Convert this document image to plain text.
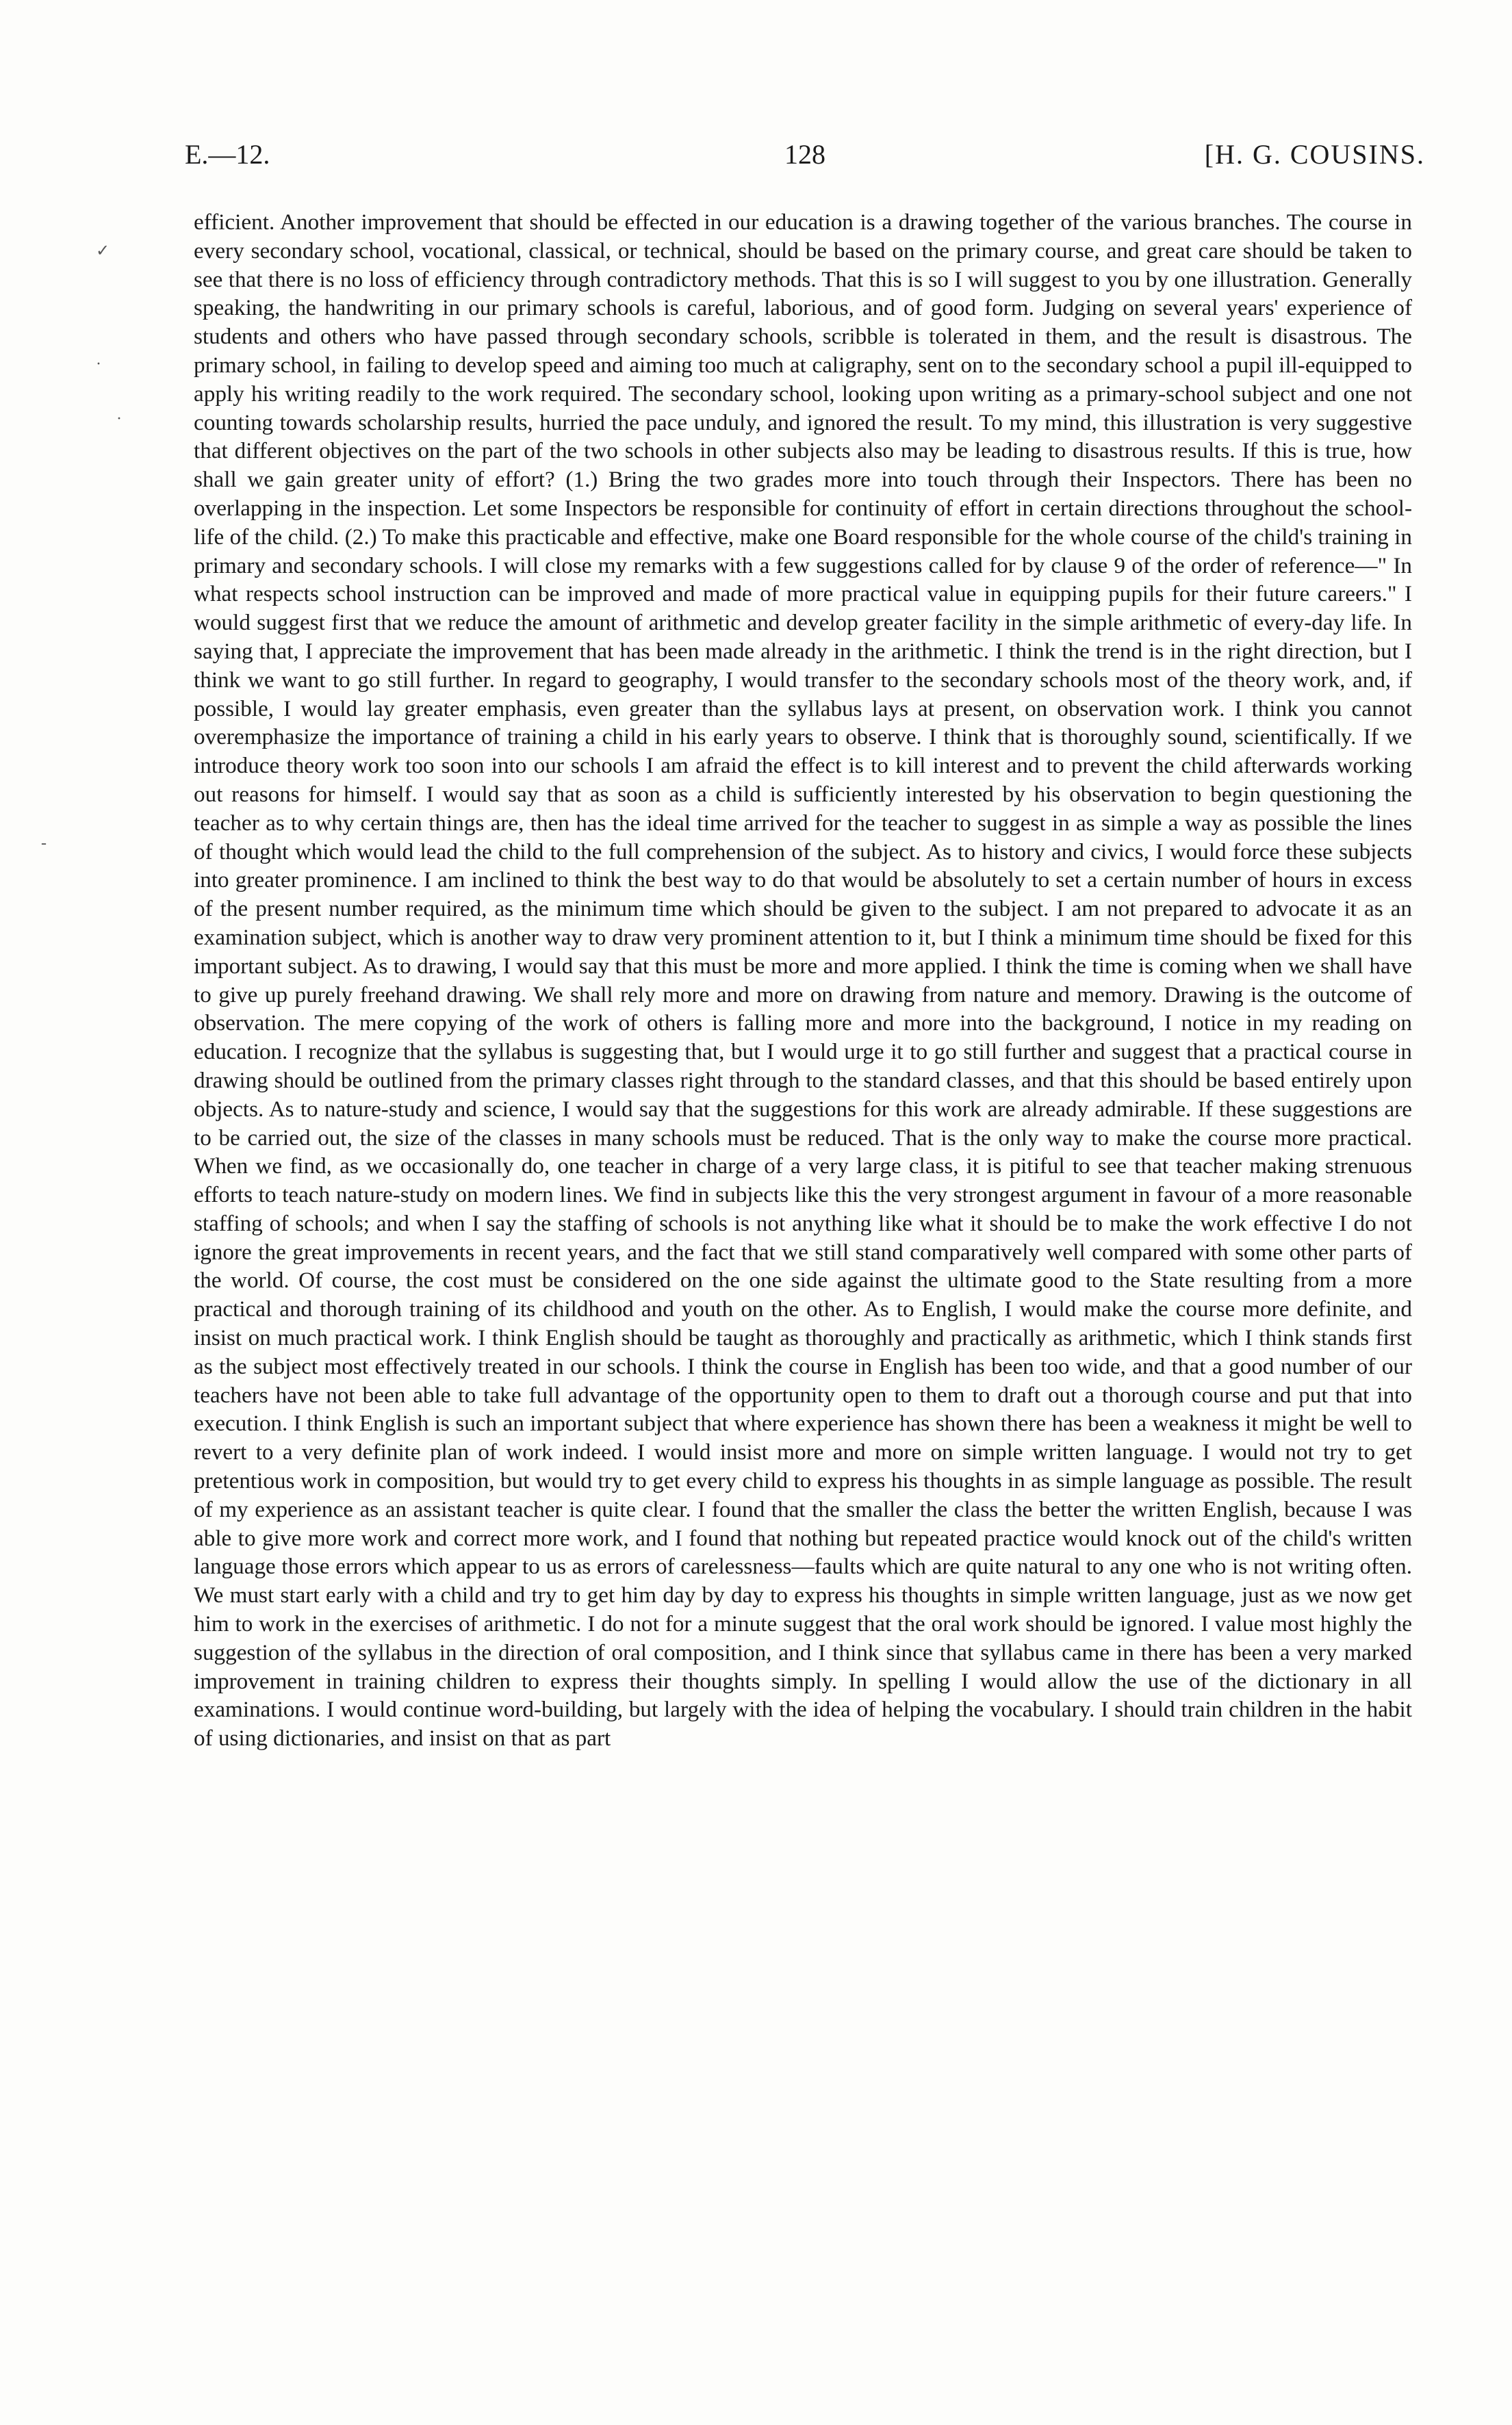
E.—12.	128	[H. G. COUSINS.
✓
·
·
-
efficient. Another improvement that should be effected in our education is a drawing together of the various branches. The course in every secondary school, vocational, classical, or technical, should be based on the primary course, and great care should be taken to see that there is no loss of efficiency through contradictory methods. That this is so I will suggest to you by one illustration. Generally speaking, the handwriting in our primary schools is careful, laborious, and of good form. Judging on several years' experience of students and others who have passed through secondary schools, scribble is tolerated in them, and the result is disastrous. The primary school, in failing to develop speed and aiming too much at caligraphy, sent on to the secondary school a pupil ill-equipped to apply his writing readily to the work required. The secondary school, looking upon writing as a primary-school subject and one not counting towards scholarship results, hurried the pace unduly, and ignored the result. To my mind, this illustration is very suggestive that different objectives on the part of the two schools in other subjects also may be leading to disastrous results. If this is true, how shall we gain greater unity of effort? (1.) Bring the two grades more into touch through their Inspectors. There has been no overlapping in the inspection. Let some Inspectors be responsible for continuity of effort in certain directions throughout the school-life of the child. (2.) To make this practicable and effective, make one Board responsible for the whole course of the child's training in primary and secondary schools. I will close my remarks with a few suggestions called for by clause 9 of the order of reference—" In what respects school instruction can be improved and made of more practical value in equipping pupils for their future careers." I would suggest first that we reduce the amount of arithmetic and develop greater facility in the simple arithmetic of every-day life. In saying that, I appreciate the improvement that has been made already in the arithmetic. I think the trend is in the right direction, but I think we want to go still further. In regard to geography, I would transfer to the secondary schools most of the theory work, and, if possible, I would lay greater emphasis, even greater than the syllabus lays at present, on observation work. I think you cannot overemphasize the importance of training a child in his early years to observe. I think that is thoroughly sound, scientifically. If we introduce theory work too soon into our schools I am afraid the effect is to kill interest and to prevent the child afterwards working out reasons for himself. I would say that as soon as a child is sufficiently interested by his observation to begin questioning the teacher as to why certain things are, then has the ideal time arrived for the teacher to suggest in as simple a way as possible the lines of thought which would lead the child to the full comprehension of the subject. As to history and civics, I would force these subjects into greater prominence. I am inclined to think the best way to do that would be absolutely to set a certain number of hours in excess of the present number required, as the minimum time which should be given to the subject. I am not prepared to advocate it as an examination subject, which is another way to draw very prominent attention to it, but I think a minimum time should be fixed for this important subject. As to drawing, I would say that this must be more and more applied. I think the time is coming when we shall have to give up purely freehand drawing. We shall rely more and more on drawing from nature and memory. Drawing is the outcome of observation. The mere copying of the work of others is falling more and more into the background, I notice in my reading on education. I recognize that the syllabus is suggesting that, but I would urge it to go still further and suggest that a practical course in drawing should be outlined from the primary classes right through to the standard classes, and that this should be based entirely upon objects. As to nature-study and science, I would say that the suggestions for this work are already admirable. If these suggestions are to be carried out, the size of the classes in many schools must be reduced. That is the only way to make the course more practical. When we find, as we occasionally do, one teacher in charge of a very large class, it is pitiful to see that teacher making strenuous efforts to teach nature-study on modern lines. We find in subjects like this the very strongest argument in favour of a more reasonable staffing of schools; and when I say the staffing of schools is not anything like what it should be to make the work effective I do not ignore the great improvements in recent years, and the fact that we still stand comparatively well compared with some other parts of the world. Of course, the cost must be considered on the one side against the ultimate good to the State resulting from a more practical and thorough training of its childhood and youth on the other. As to English, I would make the course more definite, and insist on much practical work. I think English should be taught as thoroughly and practically as arithmetic, which I think stands first as the subject most effectively treated in our schools. I think the course in English has been too wide, and that a good number of our teachers have not been able to take full advantage of the opportunity open to them to draft out a thorough course and put that into execution. I think English is such an important subject that where experience has shown there has been a weakness it might be well to revert to a very definite plan of work indeed. I would insist more and more on simple written language. I would not try to get pretentious work in composition, but would try to get every child to express his thoughts in as simple language as possible. The result of my experience as an assistant teacher is quite clear. I found that the smaller the class the better the written English, because I was able to give more work and correct more work, and I found that nothing but repeated practice would knock out of the child's written language those errors which appear to us as errors of carelessness—faults which are quite natural to any one who is not writing often. We must start early with a child and try to get him day by day to express his thoughts in simple written language, just as we now get him to work in the exercises of arithmetic. I do not for a minute suggest that the oral work should be ignored. I value most highly the suggestion of the syllabus in the direction of oral composition, and I think since that syllabus came in there has been a very marked improvement in training children to express their thoughts simply. In spelling I would allow the use of the dictionary in all examinations. I would continue word-building, but largely with the idea of helping the vocabulary. I should train children in the habit of using dictionaries, and insist on that as part
